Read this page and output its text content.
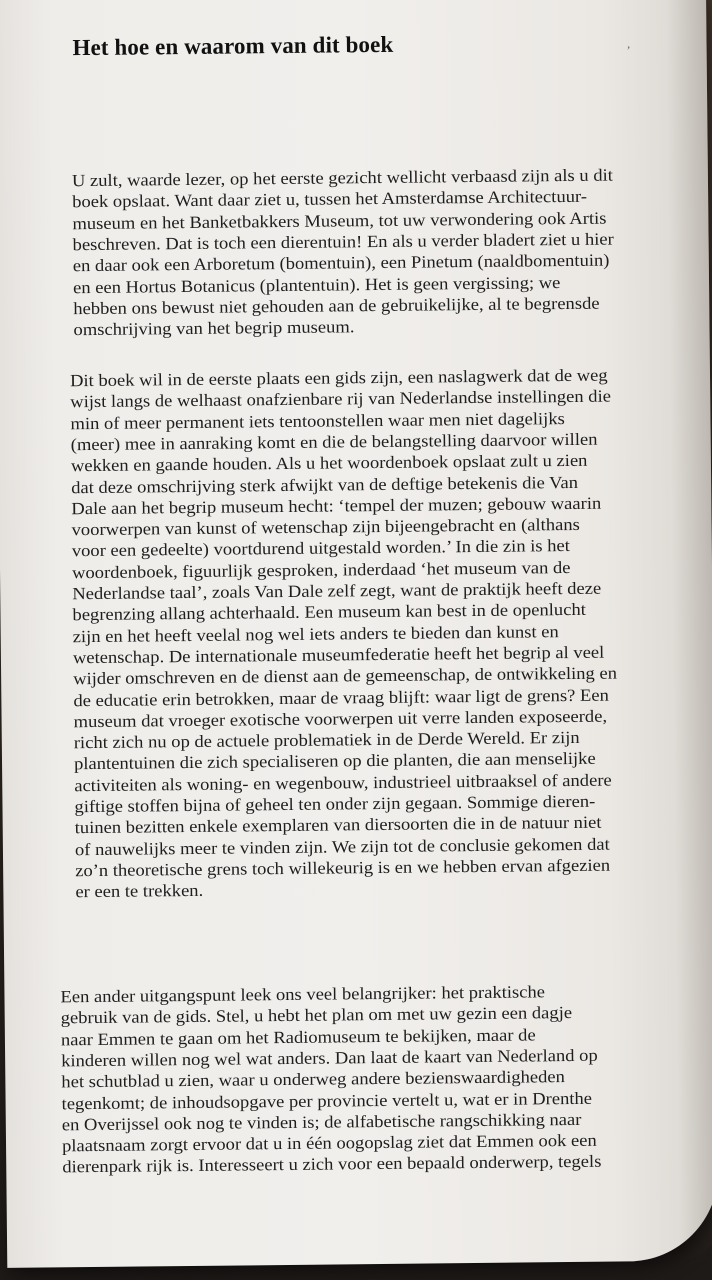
ʼ
Het hoe en waarom van dit boek
U zult, waarde lezer, op het eerste gezicht wellicht verbaasd zijn als u dit
boek opslaat. Want daar ziet u, tussen het Amsterdamse Architectuur-
museum en het Banketbakkers Museum, tot uw verwondering ook Artis
beschreven. Dat is toch een dierentuin! En als u verder bladert ziet u hier
en daar ook een Arboretum (bomentuin), een Pinetum (naaldbomentuin)
en een Hortus Botanicus (plantentuin). Het is geen vergissing; we
hebben ons bewust niet gehouden aan de gebruikelijke, al te begrensde
omschrijving van het begrip museum.
Dit boek wil in de eerste plaats een gids zijn, een naslagwerk dat de weg
wijst langs de welhaast onafzienbare rij van Nederlandse instellingen die
min of meer permanent iets tentoonstellen waar men niet dagelijks
(meer) mee in aanraking komt en die de belangstelling daarvoor willen
wekken en gaande houden. Als u het woordenboek opslaat zult u zien
dat deze omschrijving sterk afwijkt van de deftige betekenis die Van
Dale aan het begrip museum hecht: ‘tempel der muzen; gebouw waarin
voorwerpen van kunst of wetenschap zijn bijeengebracht en (althans
voor een gedeelte) voortdurend uitgestald worden.’ In die zin is het
woordenboek, figuurlijk gesproken, inderdaad ‘het museum van de
Nederlandse taal’, zoals Van Dale zelf zegt, want de praktijk heeft deze
begrenzing allang achterhaald. Een museum kan best in de openlucht
zijn en het heeft veelal nog wel iets anders te bieden dan kunst en
wetenschap. De internationale museumfederatie heeft het begrip al veel
wijder omschreven en de dienst aan de gemeenschap, de ontwikkeling en
de educatie erin betrokken, maar de vraag blijft: waar ligt de grens? Een
museum dat vroeger exotische voorwerpen uit verre landen exposeerde,
richt zich nu op de actuele problematiek in de Derde Wereld. Er zijn
plantentuinen die zich specialiseren op die planten, die aan menselijke
activiteiten als woning- en wegenbouw, industrieel uitbraaksel of andere
giftige stoffen bijna of geheel ten onder zijn gegaan. Sommige dieren-
tuinen bezitten enkele exemplaren van diersoorten die in de natuur niet
of nauwelijks meer te vinden zijn. We zijn tot de conclusie gekomen dat
zo’n theoretische grens toch willekeurig is en we hebben ervan afgezien
er een te trekken.
Een ander uitgangspunt leek ons veel belangrijker: het praktische
gebruik van de gids. Stel, u hebt het plan om met uw gezin een dagje
naar Emmen te gaan om het Radiomuseum te bekijken, maar de
kinderen willen nog wel wat anders. Dan laat de kaart van Nederland op
het schutblad u zien, waar u onderweg andere bezienswaardigheden
tegenkomt; de inhoudsopgave per provincie vertelt u, wat er in Drenthe
en Overijssel ook nog te vinden is; de alfabetische rangschikking naar
plaatsnaam zorgt ervoor dat u in één oogopslag ziet dat Emmen ook een
dierenpark rijk is. Interesseert u zich voor een bepaald onderwerp, tegels
